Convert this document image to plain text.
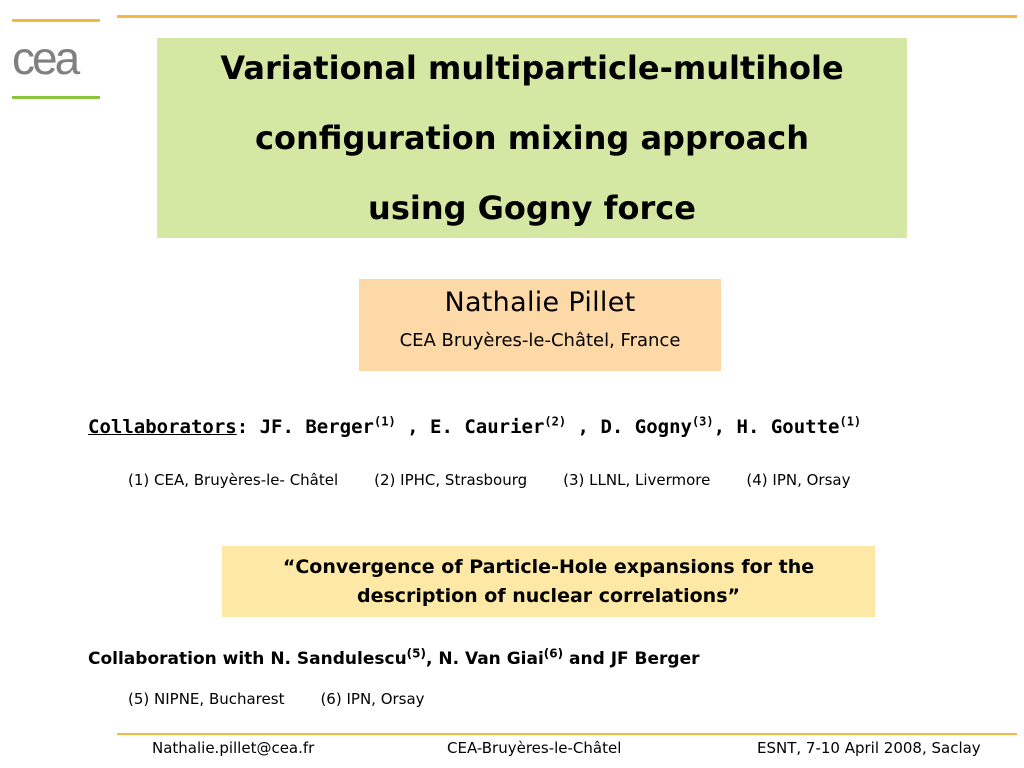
cea	Variational multiparticle-multihole
configuration mixing approach
using Gogny force
Nathalie Pillet
CEA Bruyères-le-Châtel, France
Collaborators: JF. Berger$^{(1)}$ , E. Caurier$^{(2)}$ , D. Gogny$^{(3)}$, H. Goutte$^{(1)}$
(1) CEA, Bruyères-le- Châtel (2) IPHC, Strasbourg (3) LLNL, Livermore (4) IPN, Orsay
“Convergence of Particle-Hole expansions for the
description of nuclear correlations”
Collaboration with N. Sandulescu$^{(5)}$, N. Van Giai$^{(6)}$ and JF Berger
(5) NIPNE, Bucharest (6) IPN, Orsay
Nathalie.pillet@cea.fr	CEA-Bruyères-le-Châtel	ESNT, 7-10 April 2008, Saclay
